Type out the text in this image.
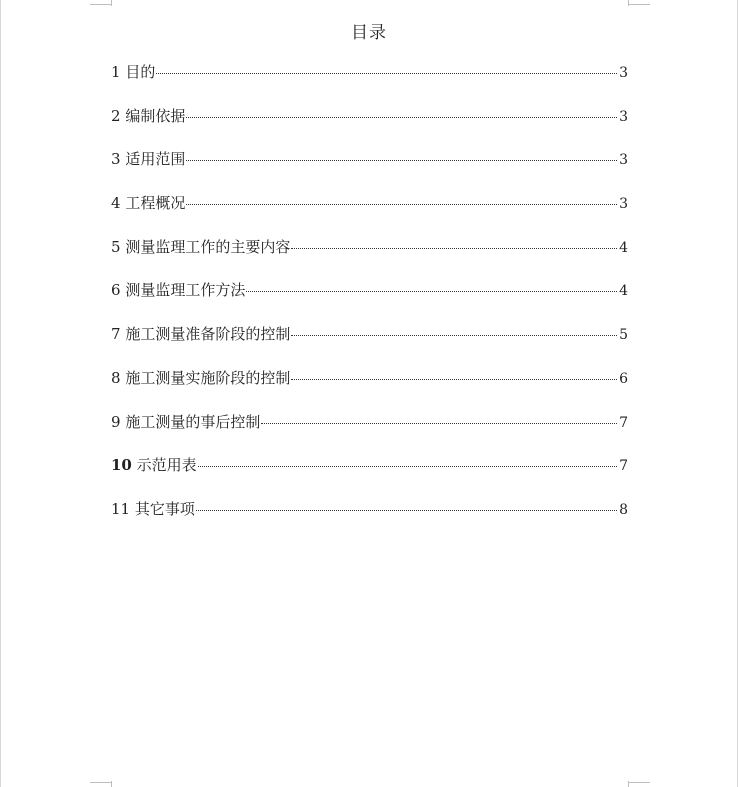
目录
1 目的	3
2 编制依据	3
3 适用范围	3
4 工程概况	3
5 测量监理工作的主要内容	4
6 测量监理工作方法	4
7 施工测量准备阶段的控制	5
8 施工测量实施阶段的控制	6
9 施工测量的事后控制	7
10 示范用表	7
11 其它事项	8
